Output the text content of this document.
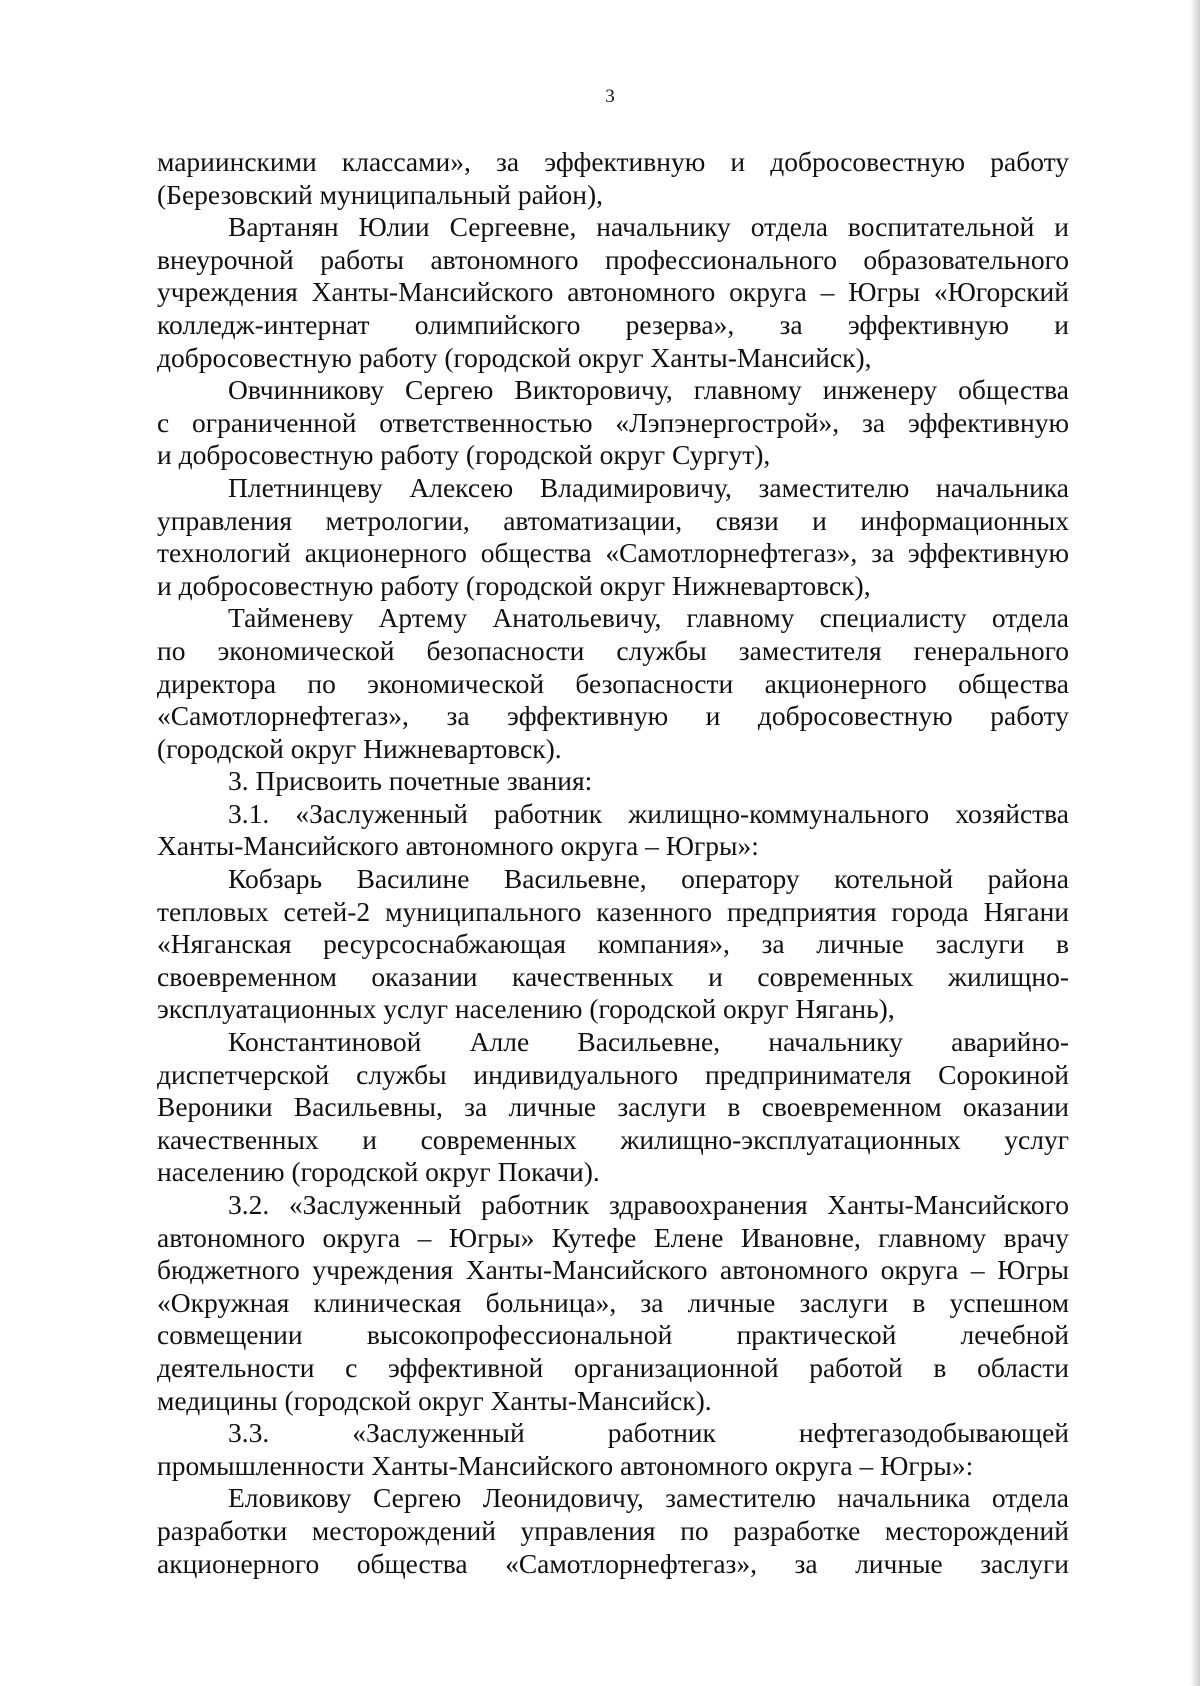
3
мариинскими классами», за эффективную и добросовестную работу
(Березовский муниципальный район),
Вартанян Юлии Сергеевне, начальнику отдела воспитательной и
внеурочной работы автономного профессионального образовательного
учреждения Ханты-Мансийского автономного округа – Югры «Югорский
колледж-интернат олимпийского резерва», за эффективную и
добросовестную работу (городской округ Ханты-Мансийск),
Овчинникову Сергею Викторовичу, главному инженеру общества
с ограниченной ответственностью «Лэпэнергострой», за эффективную
и добросовестную работу (городской округ Сургут),
Плетнинцеву Алексею Владимировичу, заместителю начальника
управления метрологии, автоматизации, связи и информационных
технологий акционерного общества «Самотлорнефтегаз», за эффективную
и добросовестную работу (городской округ Нижневартовск),
Тайменеву Артему Анатольевичу, главному специалисту отдела
по экономической безопасности службы заместителя генерального
директора по экономической безопасности акционерного общества
«Самотлорнефтегаз», за эффективную и добросовестную работу
(городской округ Нижневартовск).
3. Присвоить почетные звания:
3.1. «Заслуженный работник жилищно-коммунального хозяйства
Ханты-Мансийского автономного округа – Югры»:
Кобзарь Василине Васильевне, оператору котельной района
тепловых сетей-2 муниципального казенного предприятия города Нягани
«Няганская ресурсоснабжающая компания», за личные заслуги в
своевременном оказании качественных и современных жилищно-
эксплуатационных услуг населению (городской округ Нягань),
Константиновой Алле Васильевне, начальнику аварийно-
диспетчерской службы индивидуального предпринимателя Сорокиной
Вероники Васильевны, за личные заслуги в своевременном оказании
качественных и современных жилищно-эксплуатационных услуг
населению (городской округ Покачи).
3.2. «Заслуженный работник здравоохранения Ханты-Мансийского
автономного округа – Югры» Кутефе Елене Ивановне, главному врачу
бюджетного учреждения Ханты-Мансийского автономного округа – Югры
«Окружная клиническая больница», за личные заслуги в успешном
совмещении высокопрофессиональной практической лечебной
деятельности с эффективной организационной работой в области
медицины (городской округ Ханты-Мансийск).
3.3. «Заслуженный работник нефтегазодобывающей
промышленности Ханты-Мансийского автономного округа – Югры»:
Еловикову Сергею Леонидовичу, заместителю начальника отдела
разработки месторождений управления по разработке месторождений
акционерного общества «Самотлорнефтегаз», за личные заслуги
